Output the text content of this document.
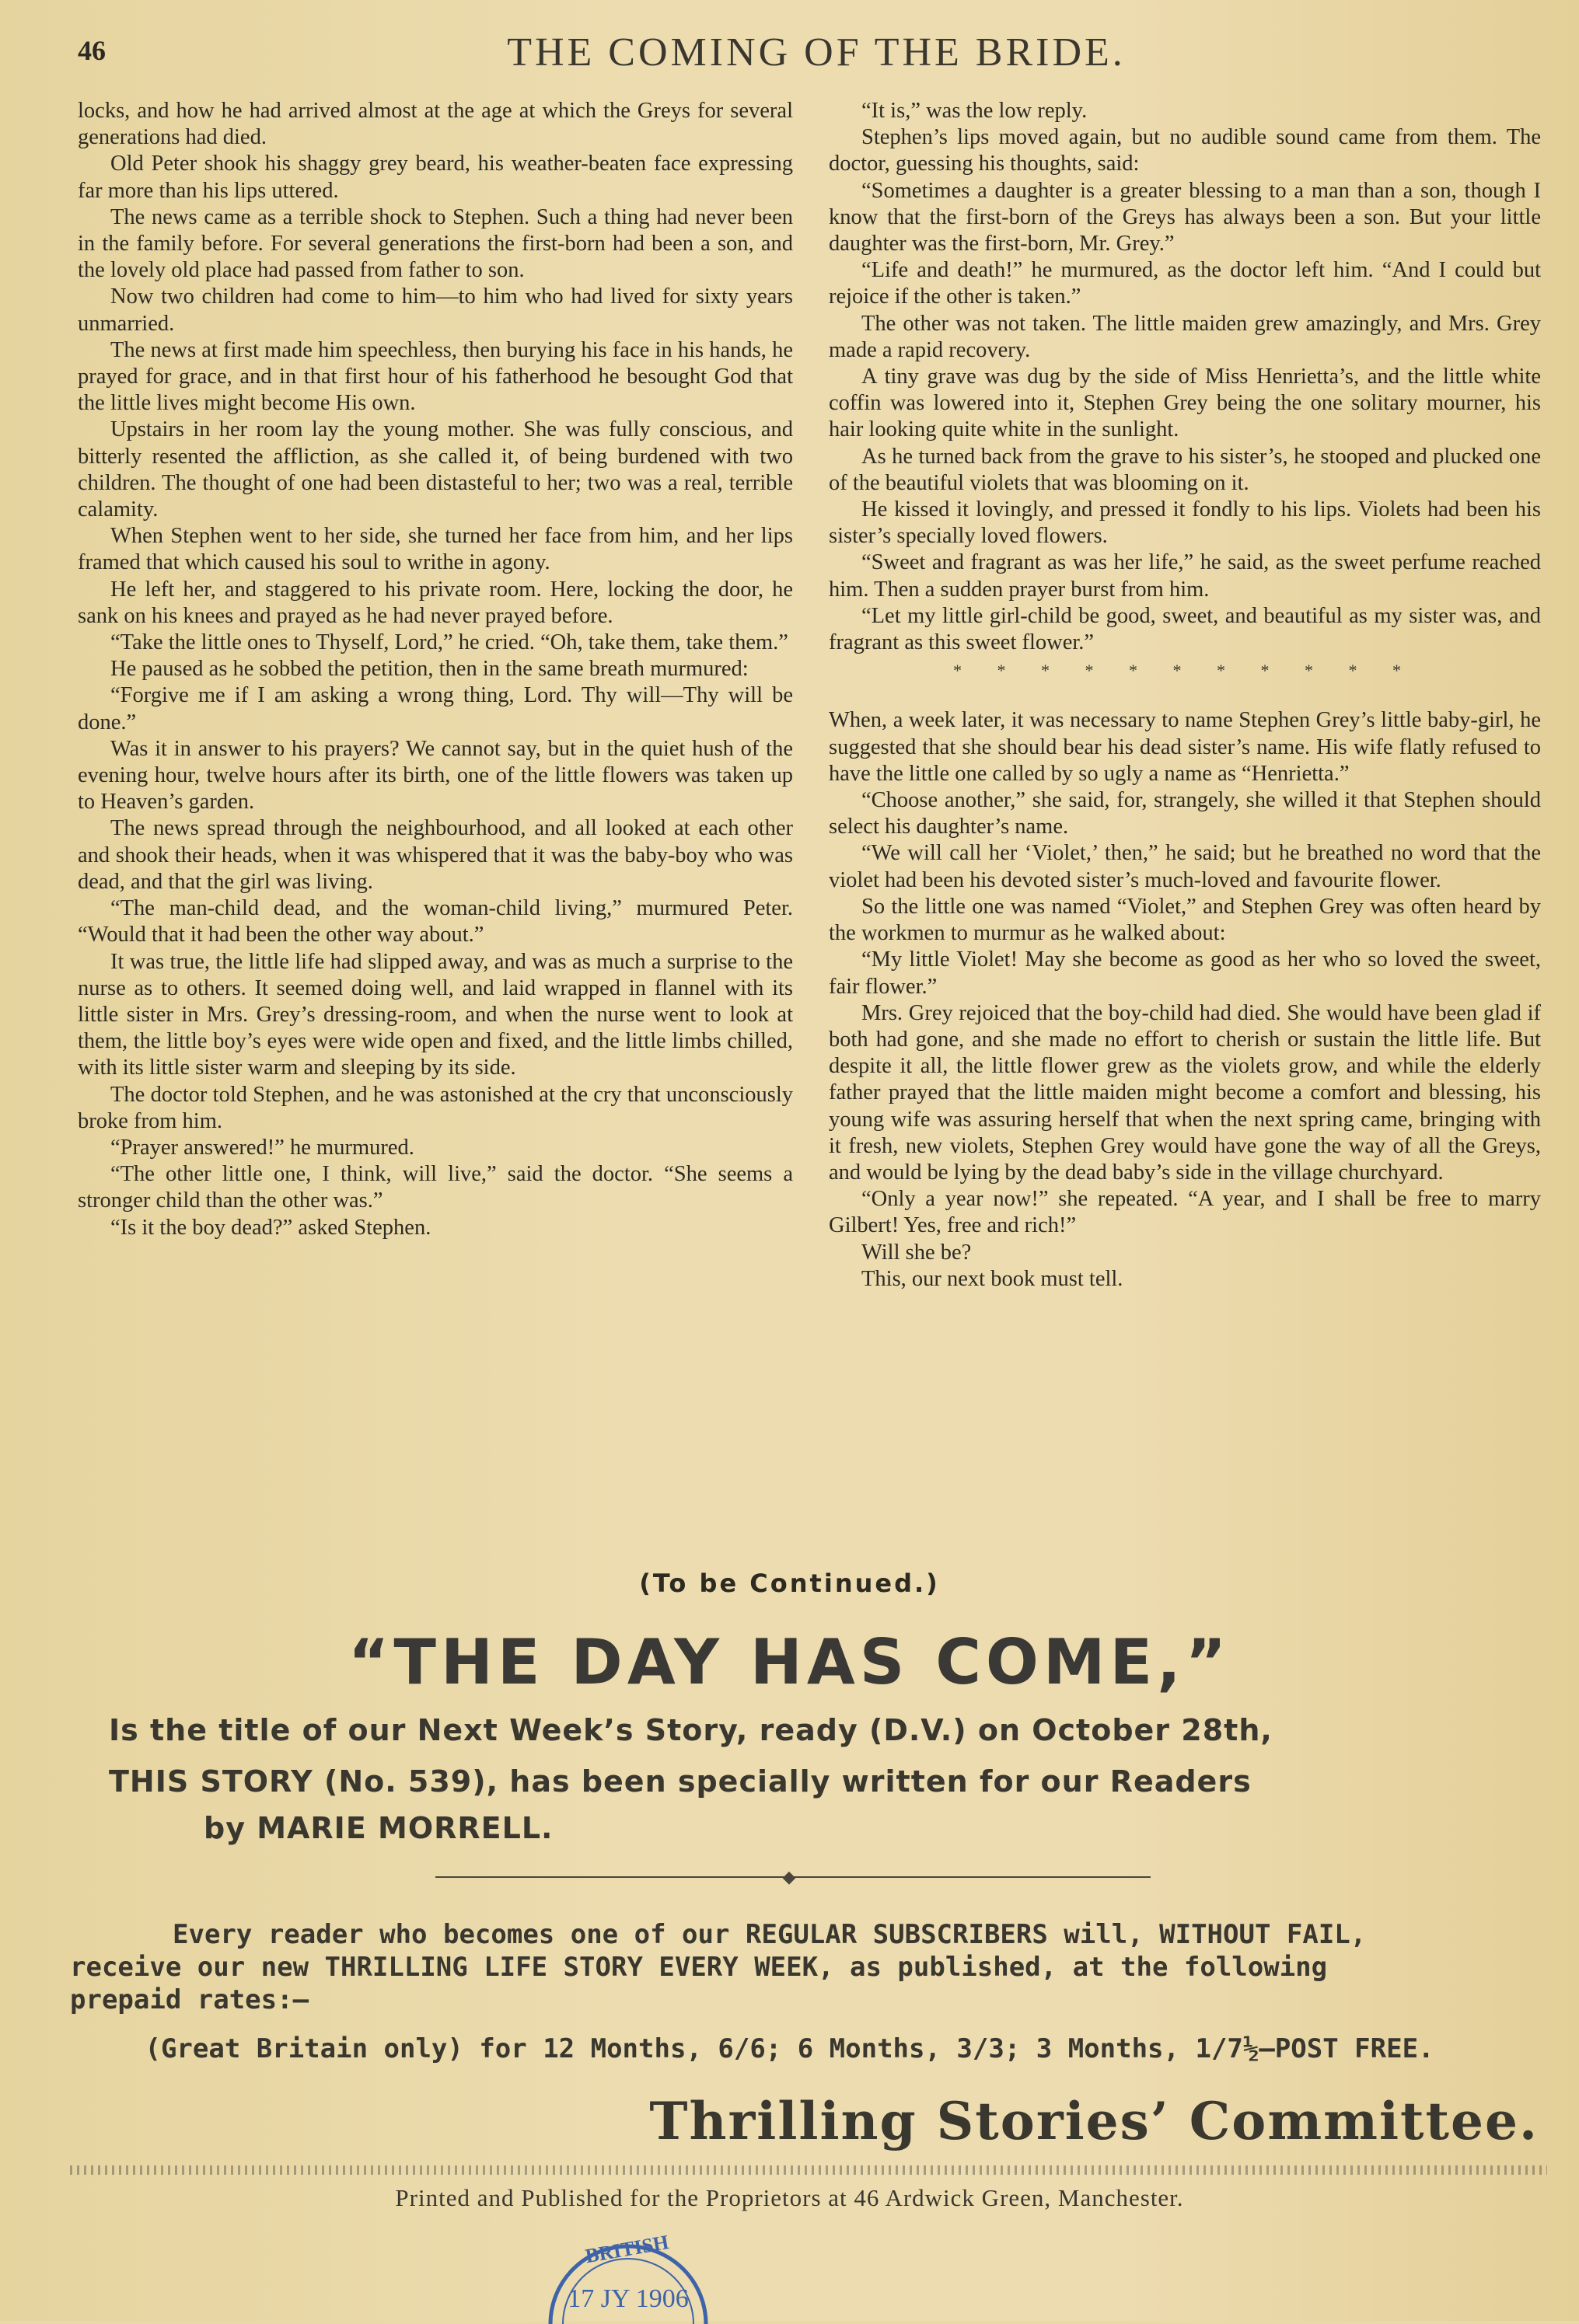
46	THE COMING OF THE BRIDE.

locks, and how he had arrived almost at the age at which the Greys for several generations had died.

Old Peter shook his shaggy grey beard, his weather-beaten face expressing far more than his lips uttered.

The news came as a terrible shock to Stephen. Such a thing had never been in the family before. For several generations the first-born had been a son, and the lovely old place had passed from father to son.

Now two children had come to him—to him who had lived for sixty years unmarried.

The news at first made him speechless, then burying his face in his hands, he prayed for grace, and in that first hour of his fatherhood he besought God that the little lives might become His own.

Upstairs in her room lay the young mother. She was fully conscious, and bitterly resented the affliction, as she called it, of being burdened with two children. The thought of one had been distasteful to her; two was a real, terrible calamity.

When Stephen went to her side, she turned her face from him, and her lips framed that which caused his soul to writhe in agony.

He left her, and staggered to his private room. Here, locking the door, he sank on his knees and prayed as he had never prayed before.

“Take the little ones to Thyself, Lord,” he cried. “Oh, take them, take them.”

He paused as he sobbed the petition, then in the same breath murmured:

“Forgive me if I am asking a wrong thing, Lord. Thy will—Thy will be done.”

Was it in answer to his prayers? We cannot say, but in the quiet hush of the evening hour, twelve hours after its birth, one of the little flowers was taken up to Heaven’s garden.

The news spread through the neighbourhood, and all looked at each other and shook their heads, when it was whispered that it was the baby-boy who was dead, and that the girl was living.

“The man-child dead, and the woman-child living,” murmured Peter. “Would that it had been the other way about.”

It was true, the little life had slipped away, and was as much a surprise to the nurse as to others. It seemed doing well, and laid wrapped in flannel with its little sister in Mrs. Grey’s dressing-room, and when the nurse went to look at them, the little boy’s eyes were wide open and fixed, and the little limbs chilled, with its little sister warm and sleeping by its side.

The doctor told Stephen, and he was astonished at the cry that unconsciously broke from him.

“Prayer answered!” he murmured.

“The other little one, I think, will live,” said the doctor. “She seems a stronger child than the other was.”

“Is it the boy dead?” asked Stephen.

“It is,” was the low reply.

Stephen’s lips moved again, but no audible sound came from them. The doctor, guessing his thoughts, said:

“Sometimes a daughter is a greater blessing to a man than a son, though I know that the first-born of the Greys has always been a son. But your little daughter was the first-born, Mr. Grey.”

“Life and death!” he murmured, as the doctor left him. “And I could but rejoice if the other is taken.”

The other was not taken. The little maiden grew amazingly, and Mrs. Grey made a rapid recovery.

A tiny grave was dug by the side of Miss Henrietta’s, and the little white coffin was lowered into it, Stephen Grey being the one solitary mourner, his hair looking quite white in the sunlight.

As he turned back from the grave to his sister’s, he stooped and plucked one of the beautiful violets that was blooming on it.

He kissed it lovingly, and pressed it fondly to his lips. Violets had been his sister’s specially loved flowers.

“Sweet and fragrant as was her life,” he said, as the sweet perfume reached him. Then a sudden prayer burst from him.

“Let my little girl-child be good, sweet, and beautiful as my sister was, and fragrant as this sweet flower.”

* * * * * * * * * * *

When, a week later, it was necessary to name Stephen Grey’s little baby-girl, he suggested that she should bear his dead sister’s name. His wife flatly refused to have the little one called by so ugly a name as “Henrietta.”

“Choose another,” she said, for, strangely, she willed it that Stephen should select his daughter’s name.

“We will call her ‘Violet,’ then,” he said; but he breathed no word that the violet had been his devoted sister’s much-loved and favourite flower.

So the little one was named “Violet,” and Stephen Grey was often heard by the workmen to murmur as he walked about:

“My little Violet! May she become as good as her who so loved the sweet, fair flower.”

Mrs. Grey rejoiced that the boy-child had died. She would have been glad if both had gone, and she made no effort to cherish or sustain the little life. But despite it all, the little flower grew as the violets grow, and while the elderly father prayed that the little maiden might become a comfort and blessing, his young wife was assuring herself that when the next spring came, bringing with it fresh, new violets, Stephen Grey would have gone the way of all the Greys, and would be lying by the dead baby’s side in the village churchyard.

“Only a year now!” she repeated. “A year, and I shall be free to marry Gilbert! Yes, free and rich!”

Will she be?

This, our next book must tell.

(To be Continued.)
“THE DAY HAS COME,”
Is the title of our Next Week’s Story, ready (D.V.) on October 28th,
THIS STORY (No. 539), has been specially written for our Readers
by MARIE MORRELL.
◆
Every reader who becomes one of our REGULAR SUBSCRIBERS will, WITHOUT FAIL,
receive our new THRILLING LIFE STORY EVERY WEEK, as published, at the following
prepaid rates:—
(Great Britain only) for 12 Months, 6/6; 6 Months, 3/3; 3 Months, 1/7½—POST FREE.
Thrilling Stories’ Committee.
Printed and Published for the Proprietors at 46 Ardwick Green, Manchester.
BRITISH
17 JY 1906
